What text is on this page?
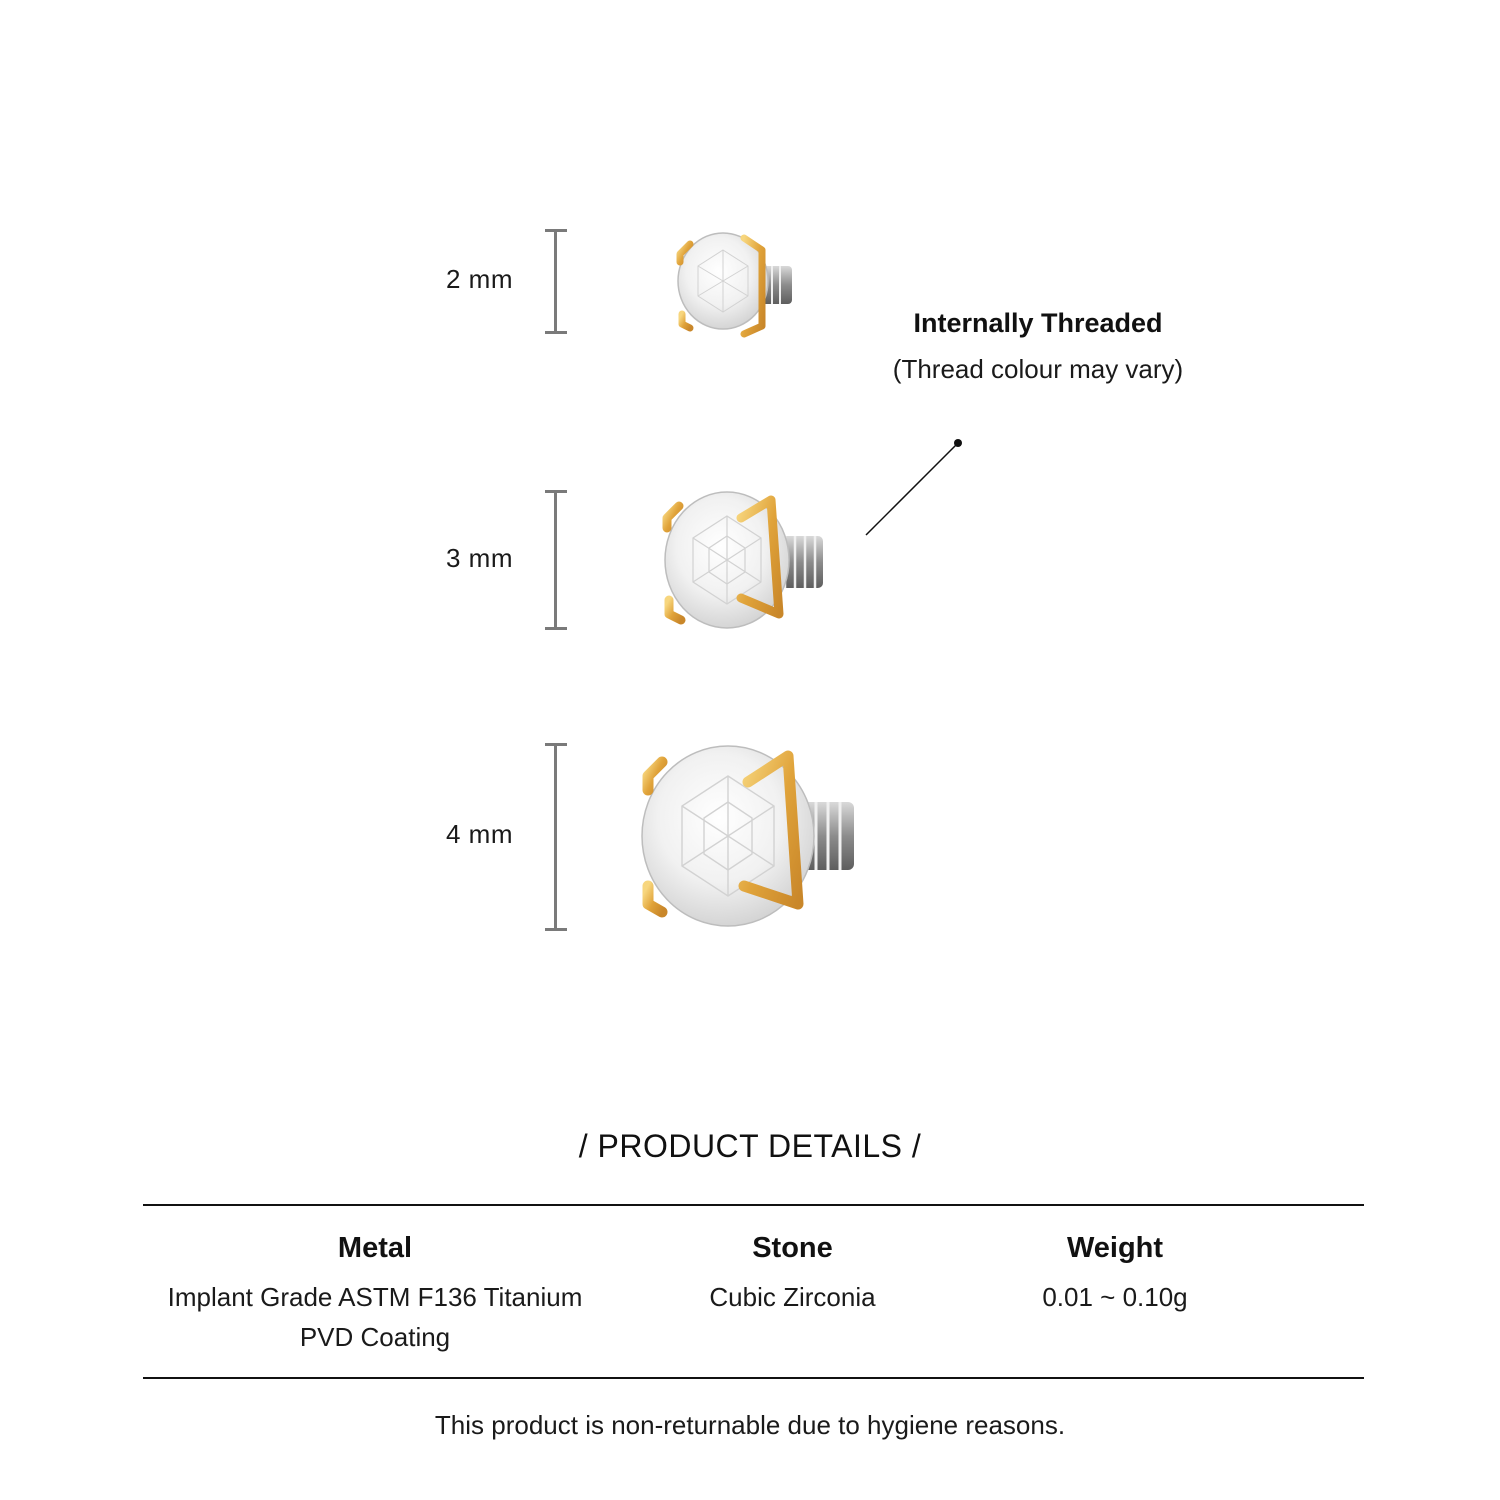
2 mm
3 mm
4 mm
Internally Threaded
(Thread colour may vary)
/ PRODUCT DETAILS /
Metal
Implant Grade ASTM F136 Titanium
PVD Coating
Stone
Cubic Zirconia
Weight
0.01 ~ 0.10g
This product is non-returnable due to hygiene reasons.
